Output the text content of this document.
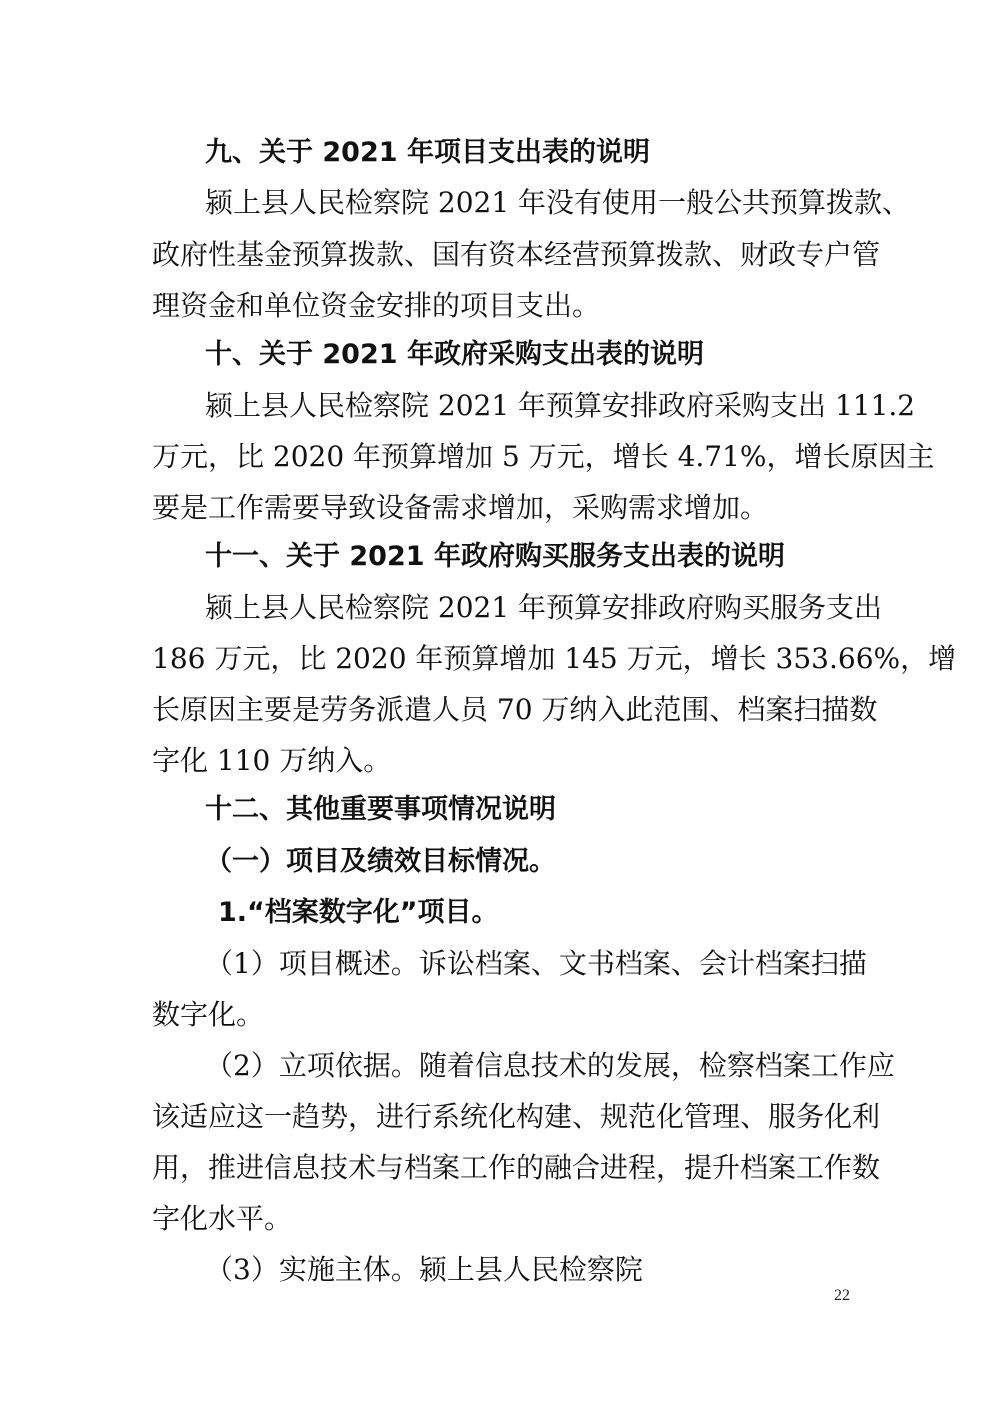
九、关于 2021 年项目支出表的说明
颍上县人民检察院 2021 年没有使用一般公共预算拨款、
政府性基金预算拨款、国有资本经营预算拨款、财政专户管
理资金和单位资金安排的项目支出。
十、关于 2021 年政府采购支出表的说明
颍上县人民检察院 2021 年预算安排政府采购支出 111.2
万元，比 2020 年预算增加 5 万元，增长 4.71%，增长原因主
要是工作需要导致设备需求增加，采购需求增加。
十一、关于 2021 年政府购买服务支出表的说明
颍上县人民检察院 2021 年预算安排政府购买服务支出
186 万元，比 2020 年预算增加 145 万元，增长 353.66%，增
长原因主要是劳务派遣人员 70 万纳入此范围、档案扫描数
字化 110 万纳入。
十二、其他重要事项情况说明
（一）项目及绩效目标情况。
1.“档案数字化”项目。
（1）项目概述。诉讼档案、文书档案、会计档案扫描
数字化。
（2）立项依据。随着信息技术的发展，检察档案工作应
该适应这一趋势，进行系统化构建、规范化管理、服务化利
用，推进信息技术与档案工作的融合进程，提升档案工作数
字化水平。
（3）实施主体。颍上县人民检察院
22
